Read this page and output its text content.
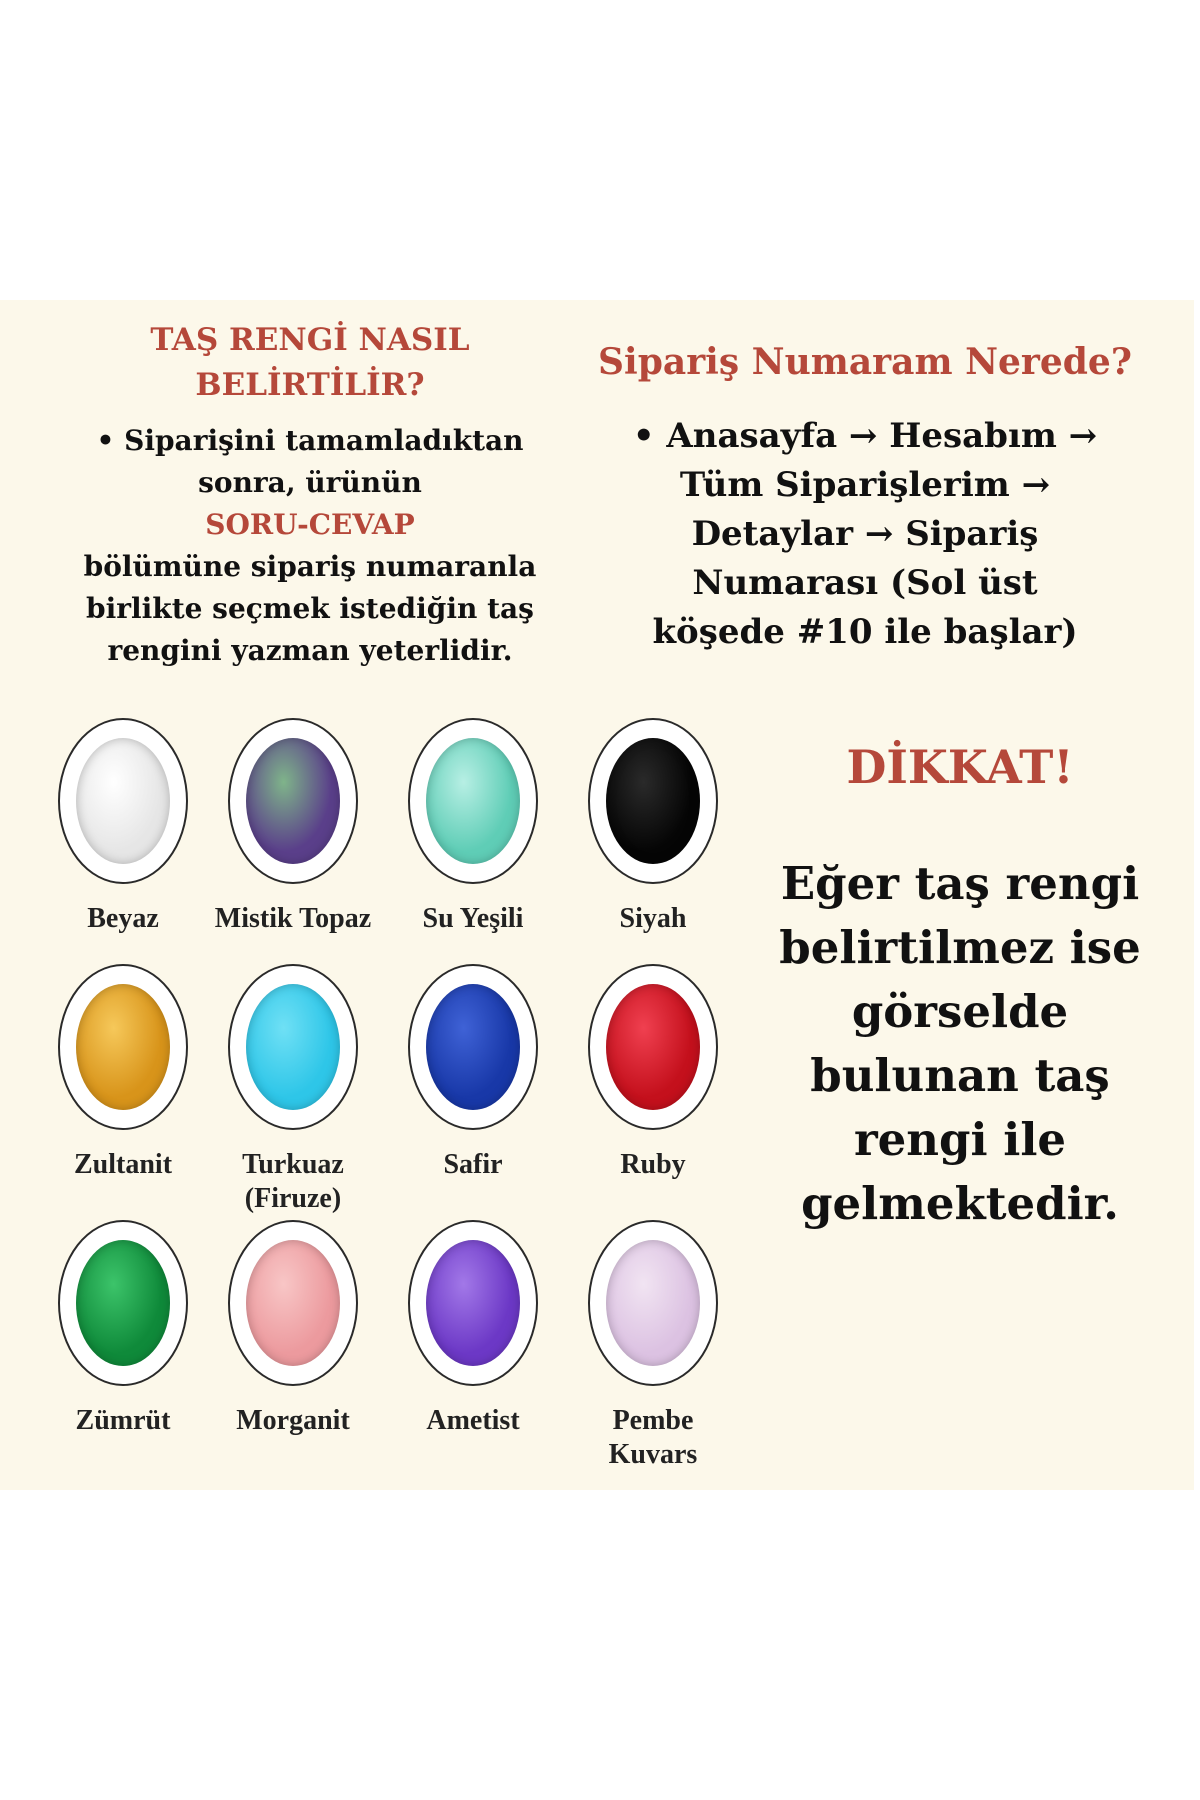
TAŞ RENGİ NASIL
BELİRTİLİR?

• Siparişini tamamladıktan
sonra, ürünün
SORU-CEVAP
bölümüne sipariş numaranla
birlikte seçmek istediğin taş
rengini yazman yeterlidir.

Sipariş Numaram Nerede?

• Anasayfa → Hesabım →
Tüm Siparişlerim →
Detaylar → Sipariş
Numarası (Sol üst
köşede #10 ile başlar)
Beyaz	Mistik Topaz	Su Yeşili	Siyah
Zultanit	Turkuaz
(Firuze)
Safir	Ruby
Zümrüt	Morganit	Ametist	Pembe
Kuvars
DİKKAT!
Eğer taş rengi
belirtilmez ise
görselde
bulunan taş
rengi ile
gelmektedir.
